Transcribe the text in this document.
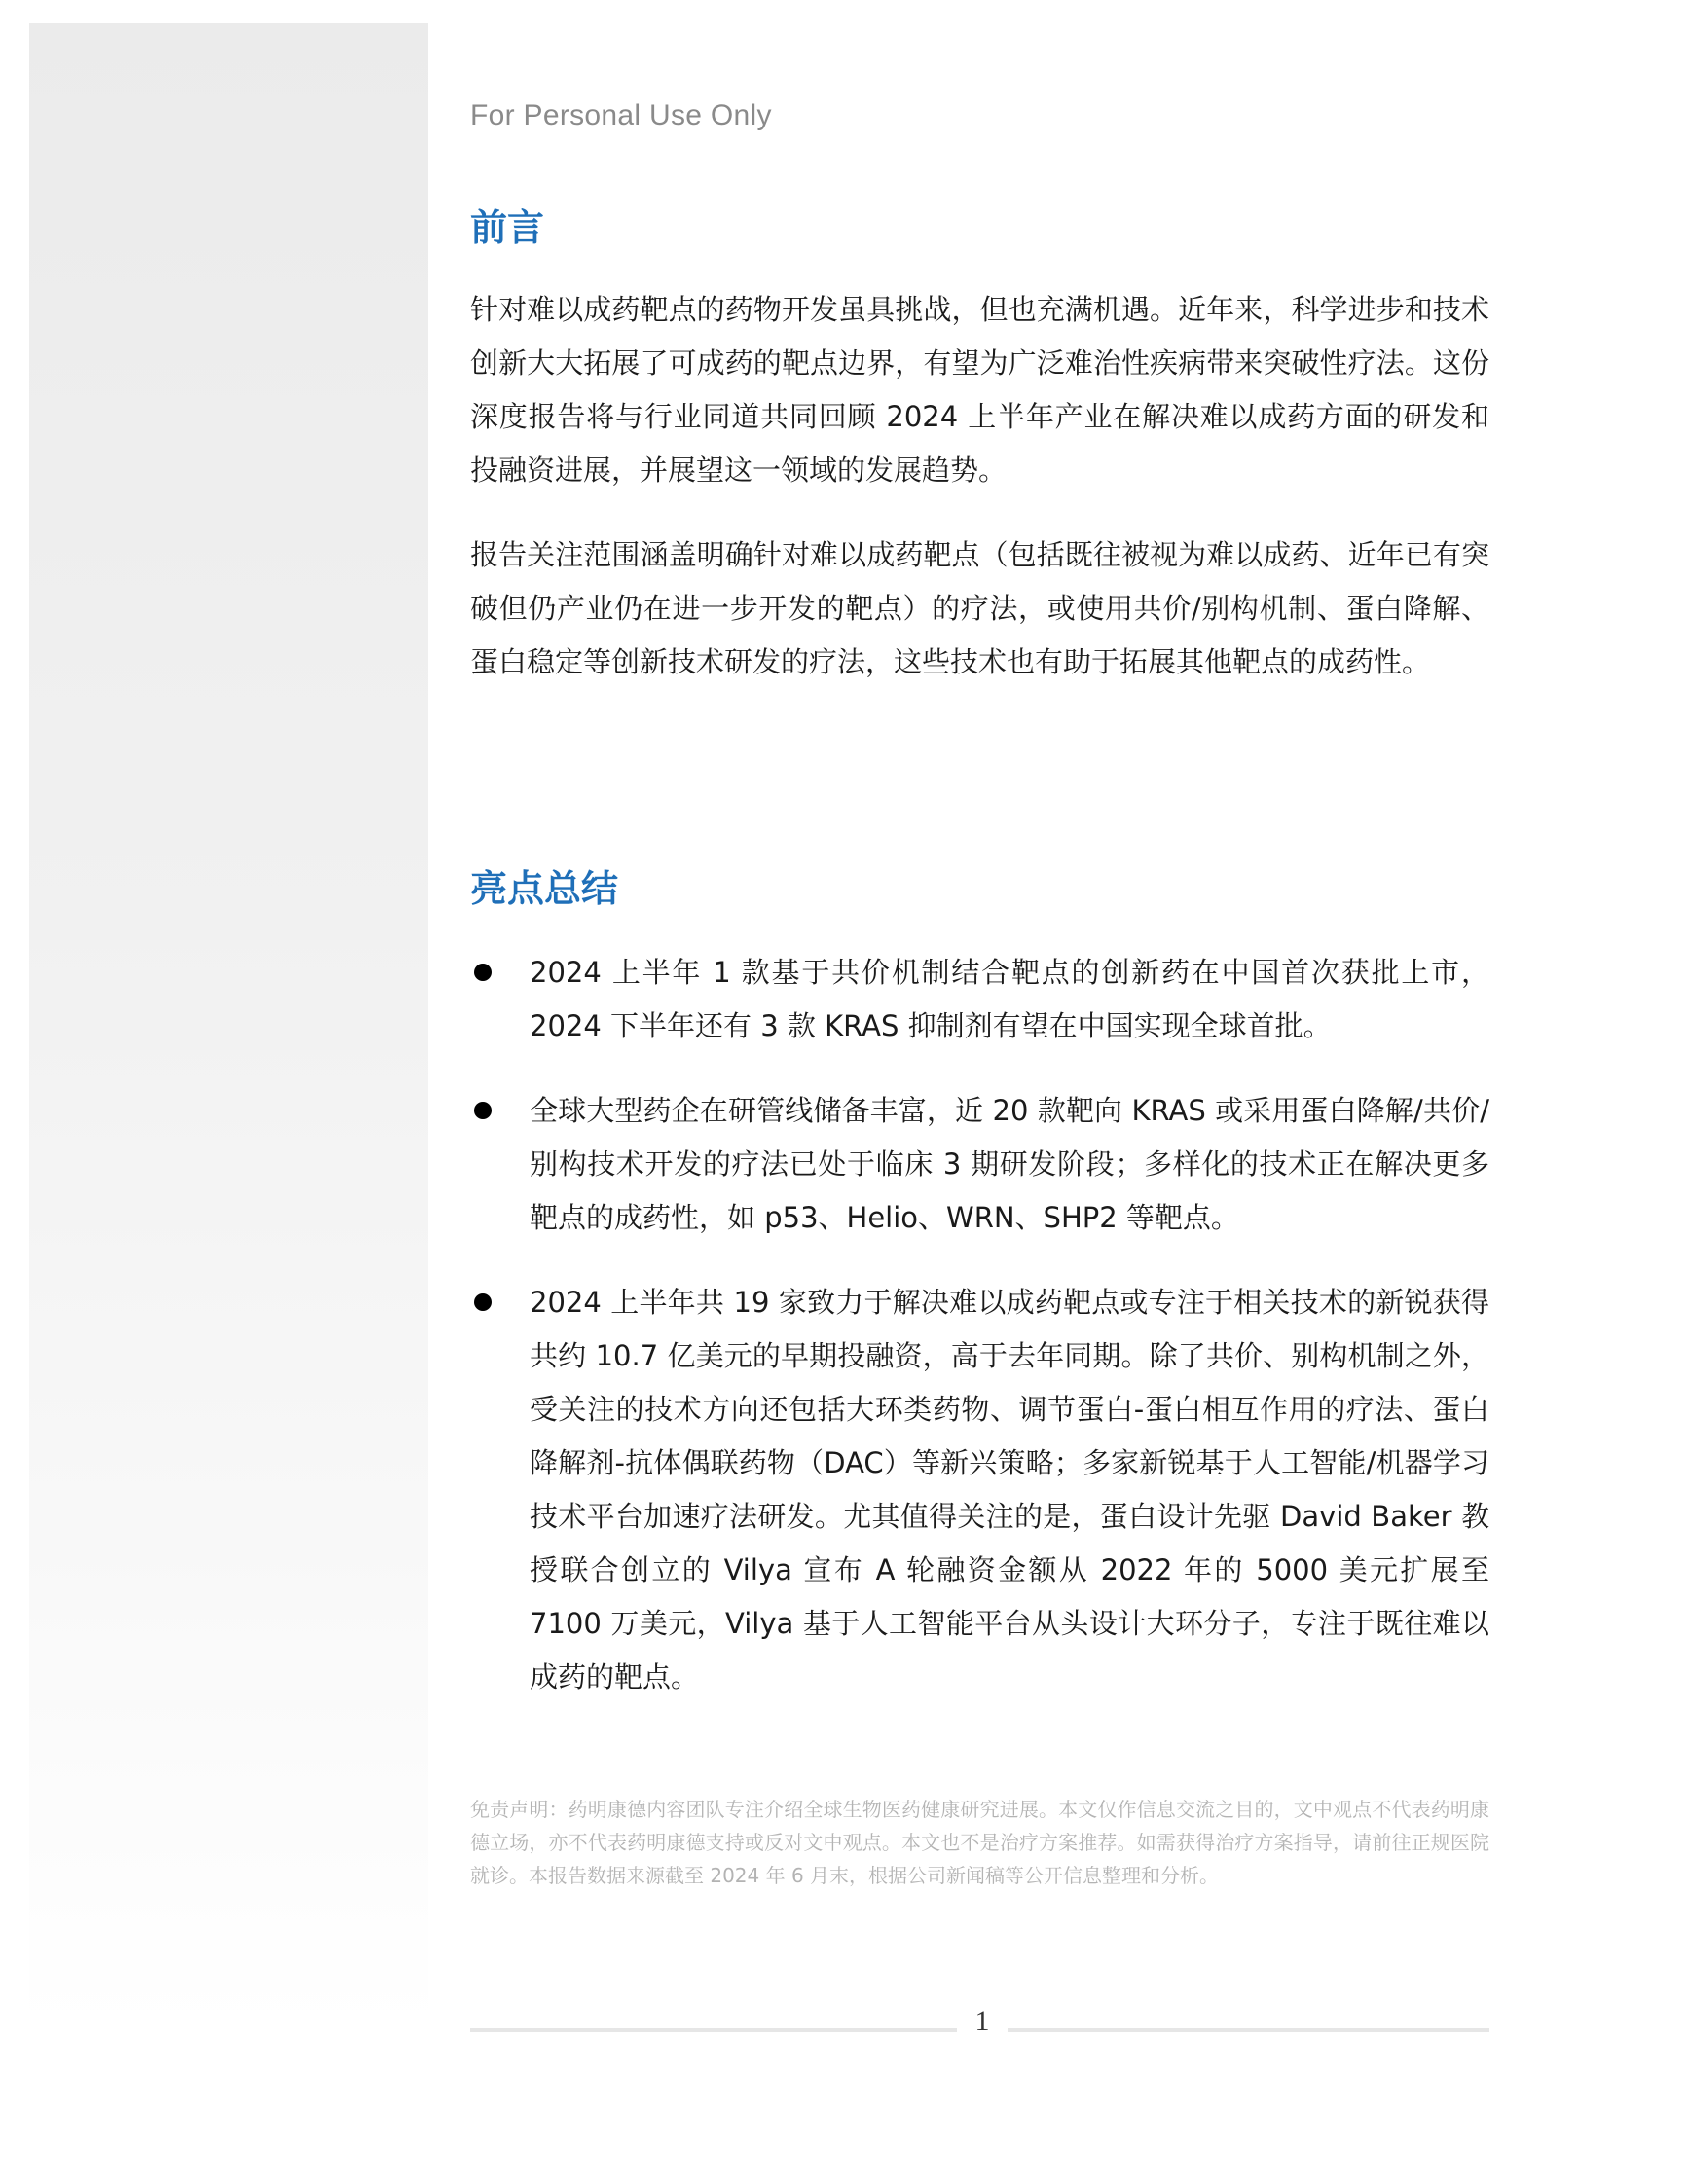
For Personal Use Only
前言

针对难以成药靶点的药物开发虽具挑战，但也充满机遇。近年来，科学进步和技术创新大大拓展了可成药的靶点边界，有望为广泛难治性疾病带来突破性疗法。这份深度报告将与行业同道共同回顾 2024 上半年产业在解决难以成药方面的研发和投融资进展，并展望这一领域的发展趋势。

报告关注范围涵盖明确针对难以成药靶点（包括既往被视为难以成药、近年已有突破但仍产业仍在进一步开发的靶点）的疗法，或使用共价/别构机制、蛋白降解、蛋白稳定等创新技术研发的疗法，这些技术也有助于拓展其他靶点的成药性。

亮点总结
2024 上半年 1 款基于共价机制结合靶点的创新药在中国首次获批上市，2024 下半年还有 3 款 KRAS 抑制剂有望在中国实现全球首批。
全球大型药企在研管线储备丰富，近 20 款靶向 KRAS 或采用蛋白降解/共价/别构技术开发的疗法已处于临床 3 期研发阶段；多样化的技术正在解决更多靶点的成药性，如 p53、Helio、WRN、SHP2 等靶点。
2024 上半年共 19 家致力于解决难以成药靶点或专注于相关技术的新锐获得共约 10.7 亿美元的早期投融资，高于去年同期。除了共价、别构机制之外，受关注的技术方向还包括大环类药物、调节蛋白-蛋白相互作用的疗法、蛋白降解剂-抗体偶联药物（DAC）等新兴策略；多家新锐基于人工智能/机器学习技术平台加速疗法研发。尤其值得关注的是，蛋白设计先驱 David Baker 教授联合创立的 Vilya 宣布 A 轮融资金额从 2022 年的 5000 美元扩展至 7100 万美元，Vilya 基于人工智能平台从头设计大环分子，专注于既往难以成药的靶点。

免责声明：药明康德内容团队专注介绍全球生物医药健康研究进展。本文仅作信息交流之目的，文中观点不代表药明康德立场，亦不代表药明康德支持或反对文中观点。本文也不是治疗方案推荐。如需获得治疗方案指导，请前往正规医院就诊。本报告数据来源截至 2024 年 6 月末，根据公司新闻稿等公开信息整理和分析。

1
